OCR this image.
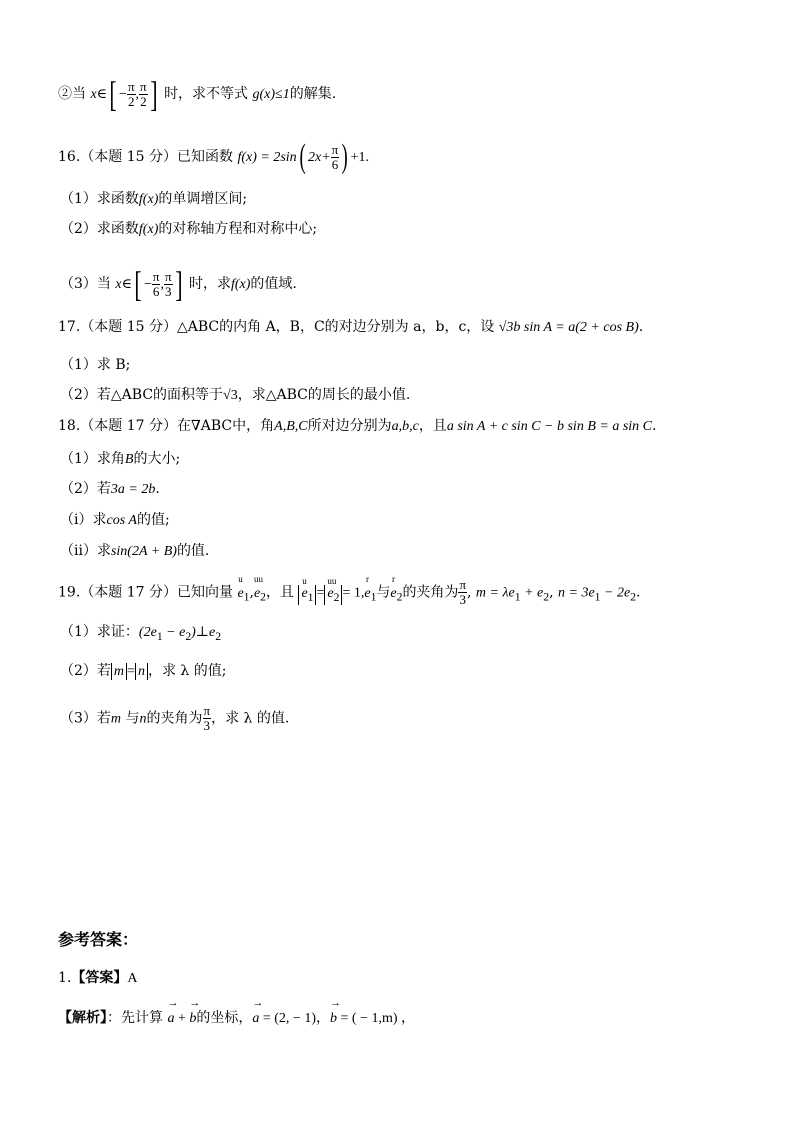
②当 x∈[ − $\frac{\pi}{2}$ , $\frac{\pi}{2}$ ] 时，求不等式 g(x)≤1的解集.
16.（本题 15 分）已知函数 f(x) = 2sin( $2x+ \frac{\pi}{6}$ ) +1.
（1）求函数f(x)的单调增区间;
（2）求函数f(x)的对称轴方程和对称中心;
（3）当 x∈[ − $\frac{\pi}{6}$ , $\frac{\pi}{3}$ ] 时，求f(x)的值域.
17.（本题 15 分）△ABC的内角 A，B，C的对边分别为 a，b，c，设 √3b sin A = a(2 + cos B).
（1）求 B;
（2）若△ABC的面积等于√3，求△ABC的周长的最小值.
18.（本题 17 分）在∇ABC中，角A,B,C所对边分别为a,b,c，且a sin A + c sin C − b sin B = a sin C.
（1）求角B的大小;
（2）若3a = 2b.
（i）求cos A的值;
（ii）求sin(2A + B)的值.
19.（本题 17 分）已知向量
u
$e_1$,
uu
$e_2$，且
u
$e_1$ =
uu
$e_2 = 1$,
r
$e_1$与
r
$e_2$的夹角为 $\frac{\pi}{3}$ , $m = \lambda e_1 + e_2$, $n = 3e_1 - 2e_2$.
（1）求证：($2e_1$ − $e_2)\perp e_2$
（2）若 m = n ，求 λ 的值;
（3）若m 与n的夹角为 $\frac{\pi}{3}$ ，求 λ 的值.
参考答案：
1.【答案】A
【解析】：先计算
→
a +
→
b的坐标，
→
a = (2, − 1)，
→
b = ( − 1,m) ，
